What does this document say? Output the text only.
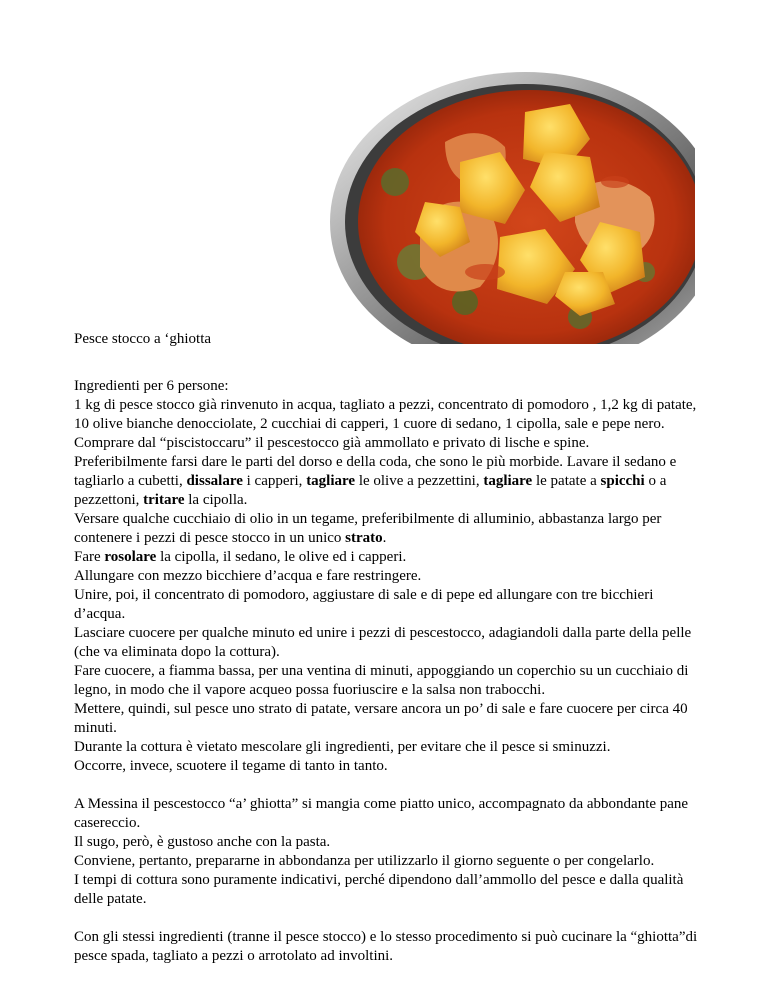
Pesce stocco a ‘ghiotta

Ingredienti per 6 persone:

1 kg di pesce stocco già rinvenuto in acqua, tagliato a pezzi, concentrato di pomodoro , 1,2 kg di patate, 10 olive bianche denocciolate, 2 cucchiai di capperi, 1 cuore di sedano, 1 cipolla, sale e pepe nero.

Comprare dal “piscistoccaru” il pescestocco già ammollato e privato di lische e spine.

Preferibilmente farsi dare le parti del dorso e della coda, che sono le più morbide. Lavare il sedano e tagliarlo a cubetti, dissalare i capperi, tagliare le olive a pezzettini, tagliare le patate a spicchi o a pezzettoni, tritare la cipolla.

Versare qualche cucchiaio di olio in un tegame, preferibilmente di alluminio, abbastanza largo per contenere i pezzi di pesce stocco in un unico strato.

Fare rosolare la cipolla, il sedano, le olive ed i capperi.

Allungare con mezzo bicchiere d’acqua e fare restringere.

Unire, poi, il concentrato di pomodoro, aggiustare di sale e di pepe ed allungare con tre bicchieri d’acqua.

Lasciare cuocere per qualche minuto ed unire i pezzi di pescestocco, adagiandoli dalla parte della pelle (che va eliminata dopo la cottura).

Fare cuocere, a fiamma bassa, per una ventina di minuti, appoggiando un coperchio su un cucchiaio di legno, in modo che il vapore acqueo possa fuoriuscire e la salsa non trabocchi.

Mettere, quindi, sul pesce uno strato di patate, versare ancora un po’ di sale e fare cuocere per circa 40 minuti.

Durante la cottura è vietato mescolare gli ingredienti, per evitare che il pesce si sminuzzi.

Occorre, invece, scuotere il tegame di tanto in tanto.

A Messina il pescestocco “a’ ghiotta” si mangia come piatto unico, accompagnato da abbondante pane casereccio.

Il sugo, però, è gustoso anche con la pasta.

Conviene, pertanto, prepararne in abbondanza per utilizzarlo il giorno seguente o per congelarlo.

I tempi di cottura sono puramente indicativi, perché dipendono dall’ammollo del pesce e dalla qualità delle patate.

Con gli stessi ingredienti (tranne il pesce stocco) e lo stesso procedimento si può cucinare la “ghiotta”di pesce spada, tagliato a pezzi o arrotolato ad involtini.
